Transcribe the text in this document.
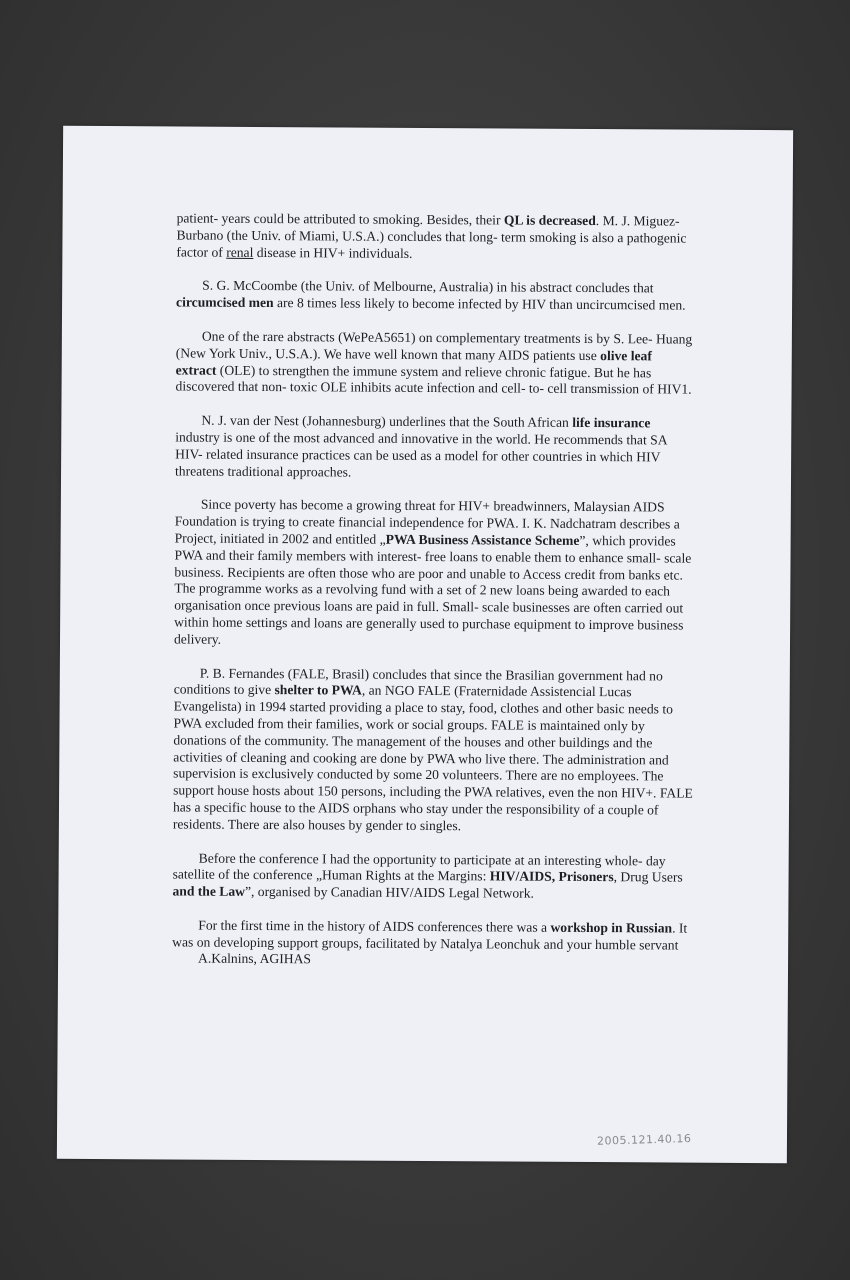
patient- years could be attributed to smoking. Besides, their QL is decreased. M. J. Miguez- Burbano (the Univ. of Miami, U.S.A.) concludes that long- term smoking is also a pathogenic factor of renal disease in HIV+ individuals.

S. G. McCoombe (the Univ. of Melbourne, Australia) in his abstract concludes that circumcised men are 8 times less likely to become infected by HIV than uncircumcised men.

One of the rare abstracts (WePeA5651) on complementary treatments is by S. Lee- Huang (New York Univ., U.S.A.). We have well known that many AIDS patients use olive leaf extract (OLE) to strengthen the immune system and relieve chronic fatigue. But he has discovered that non- toxic OLE inhibits acute infection and cell- to- cell transmission of HIV1.

N. J. van der Nest (Johannesburg) underlines that the South African life insurance industry is one of the most advanced and innovative in the world. He recommends that SA HIV- related insurance practices can be used as a model for other countries in which HIV threatens traditional approaches.

Since poverty has become a growing threat for HIV+ breadwinners, Malaysian AIDS Foundation is trying to create financial independence for PWA. I. K. Nadchatram describes a Project, initiated in 2002 and entitled „PWA Business Assistance Scheme”, which provides PWA and their family members with interest- free loans to enable them to enhance small- scale business. Recipients are often those who are poor and unable to Access credit from banks etc. The programme works as a revolving fund with a set of 2 new loans being awarded to each organisation once previous loans are paid in full. Small- scale businesses are often carried out within home settings and loans are generally used to purchase equipment to improve business delivery.

P. B. Fernandes (FALE, Brasil) concludes that since the Brasilian government had no conditions to give shelter to PWA, an NGO FALE (Fraternidade Assistencial Lucas Evangelista) in 1994 started providing a place to stay, food, clothes and other basic needs to PWA excluded from their families, work or social groups. FALE is maintained only by donations of the community. The management of the houses and other buildings and the activities of cleaning and cooking are done by PWA who live there. The administration and supervision is exclusively conducted by some 20 volunteers. There are no employees. The support house hosts about 150 persons, including the PWA relatives, even the non HIV+. FALE has a specific house to the AIDS orphans who stay under the responsibility of a couple of residents. There are also houses by gender to singles.

Before the conference I had the opportunity to participate at an interesting whole- day satellite of the conference „Human Rights at the Margins: HIV/AIDS, Prisoners, Drug Users and the Law”, organised by Canadian HIV/AIDS Legal Network.

For the first time in the history of AIDS conferences there was a workshop in Russian. It was on developing support groups, facilitated by Natalya Leonchuk and your humble servant
A.Kalnins, AGIHAS

2005.121.40.16
